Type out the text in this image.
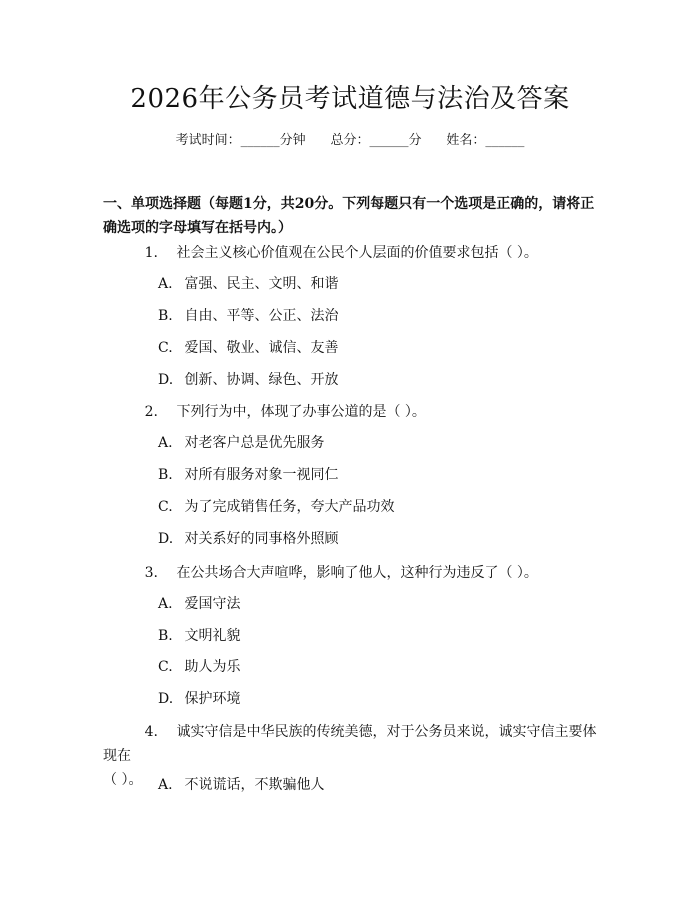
2026年公务员考试道德与法治及答案
考试时间：______分钟 总分：______分 姓名：______
一、单项选择题（每题1分，共20分。下列每题只有一个选项是正确的，请将正
确选项的字母填写在括号内。）
1. 社会主义核心价值观在公民个人层面的价值要求包括（ ）。
A. 富强、民主、文明、和谐
B. 自由、平等、公正、法治
C. 爱国、敬业、诚信、友善
D. 创新、协调、绿色、开放
2. 下列行为中，体现了办事公道的是（ ）。
A. 对老客户总是优先服务
B. 对所有服务对象一视同仁
C. 为了完成销售任务，夸大产品功效
D. 对关系好的同事格外照顾
3. 在公共场合大声喧哗，影响了他人，这种行为违反了（ ）。
A. 爱国守法
B. 文明礼貌
C. 助人为乐
D. 保护环境
4. 诚实守信是中华民族的传统美德，对于公务员来说，诚实守信主要体现在
（ ）。	A. 不说谎话，不欺骗他人
